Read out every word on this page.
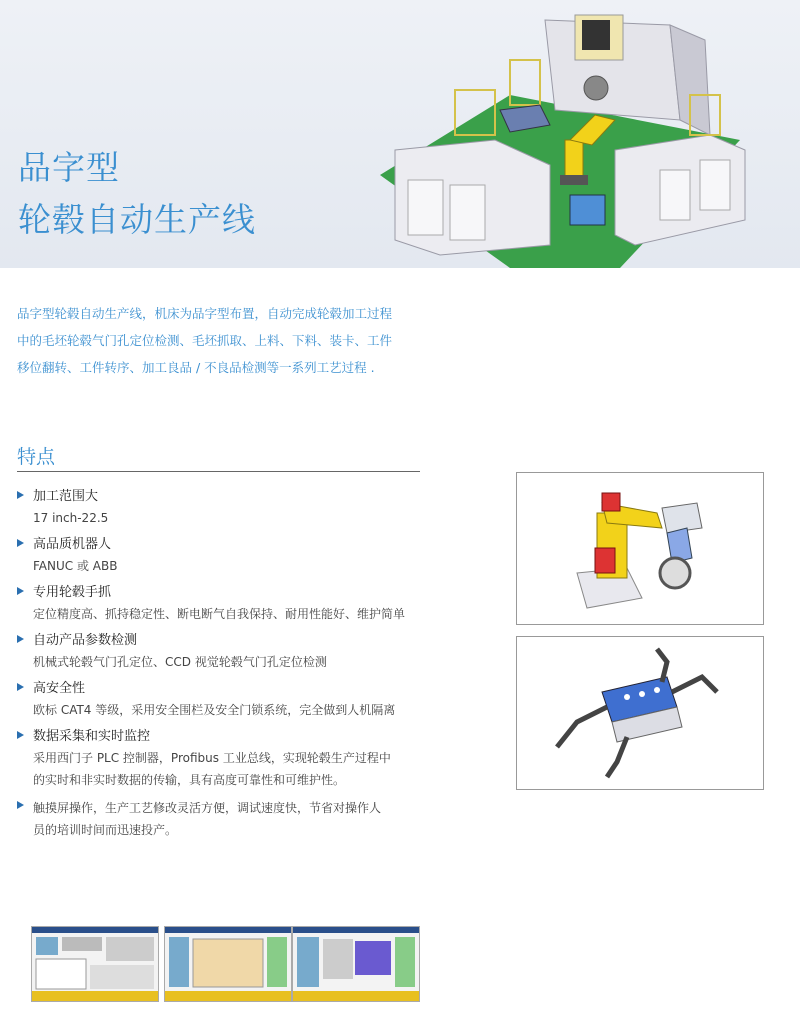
品字型
轮毂自动生产线
品字型轮毂自动生产线，机床为品字型布置，自动完成轮毂加工过程
中的毛坯轮毂气门孔定位检测、毛坯抓取、上料、下料、装卡、工件
移位翻转、工件转序、加工良品 / 不良品检测等一系列工艺过程 .
特点
加工范围大
17 inch-22.5
高品质机器人
FANUC 或 ABB
专用轮毂手抓
定位精度高、抓持稳定性、断电断气自我保持、耐用性能好、维护简单
自动产品参数检测
机械式轮毂气门孔定位、CCD 视觉轮毂气门孔定位检测
高安全性
欧标 CAT4 等级，采用安全围栏及安全门锁系统，完全做到人机隔离
数据采集和实时监控
采用西门子 PLC 控制器，Profibus 工业总线，实现轮毂生产过程中
的实时和非实时数据的传输，具有高度可靠性和可维护性。
触摸屏操作，生产工艺修改灵活方便，调试速度快，节省对操作人
员的培训时间而迅速投产。
